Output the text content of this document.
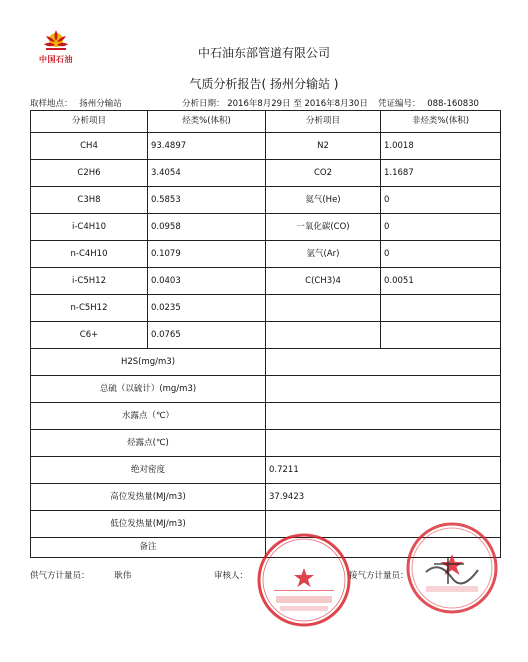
中国石油	中石油东部管道有限公司
气质分析报告( 扬州分输站 )
取样地点： 扬州分输站	分析日期： 2016年8月29日 至 2016年8月30日 凭证编号： 088-160830
分析项目	烃类%(体积)	分析项目	非烃类%(体积)
CH4	93.4897	N2	1.0018
C2H6	3.4054	CO2	1.1687
C3H8	0.5853	氦气(He)	0
i-C4H10	0.0958	一氧化碳(CO)	0
n-C4H10	0.1079	氩气(Ar)	0
i-C5H12	0.0403	C(CH3)4	0.0051
n-C5H12	0.0235		
C6+	0.0765		
H2S(mg/m3)			
总硫（以硫计）(mg/m3)			
水露点（℃）			
烃露点(℃)			
绝对密度		0.7211	
高位发热量(MJ/m3)		37.9423	
低位发热量(MJ/m3)			
备注			
供气方计量员：	耿伟	审核人：	接气方计量员：
